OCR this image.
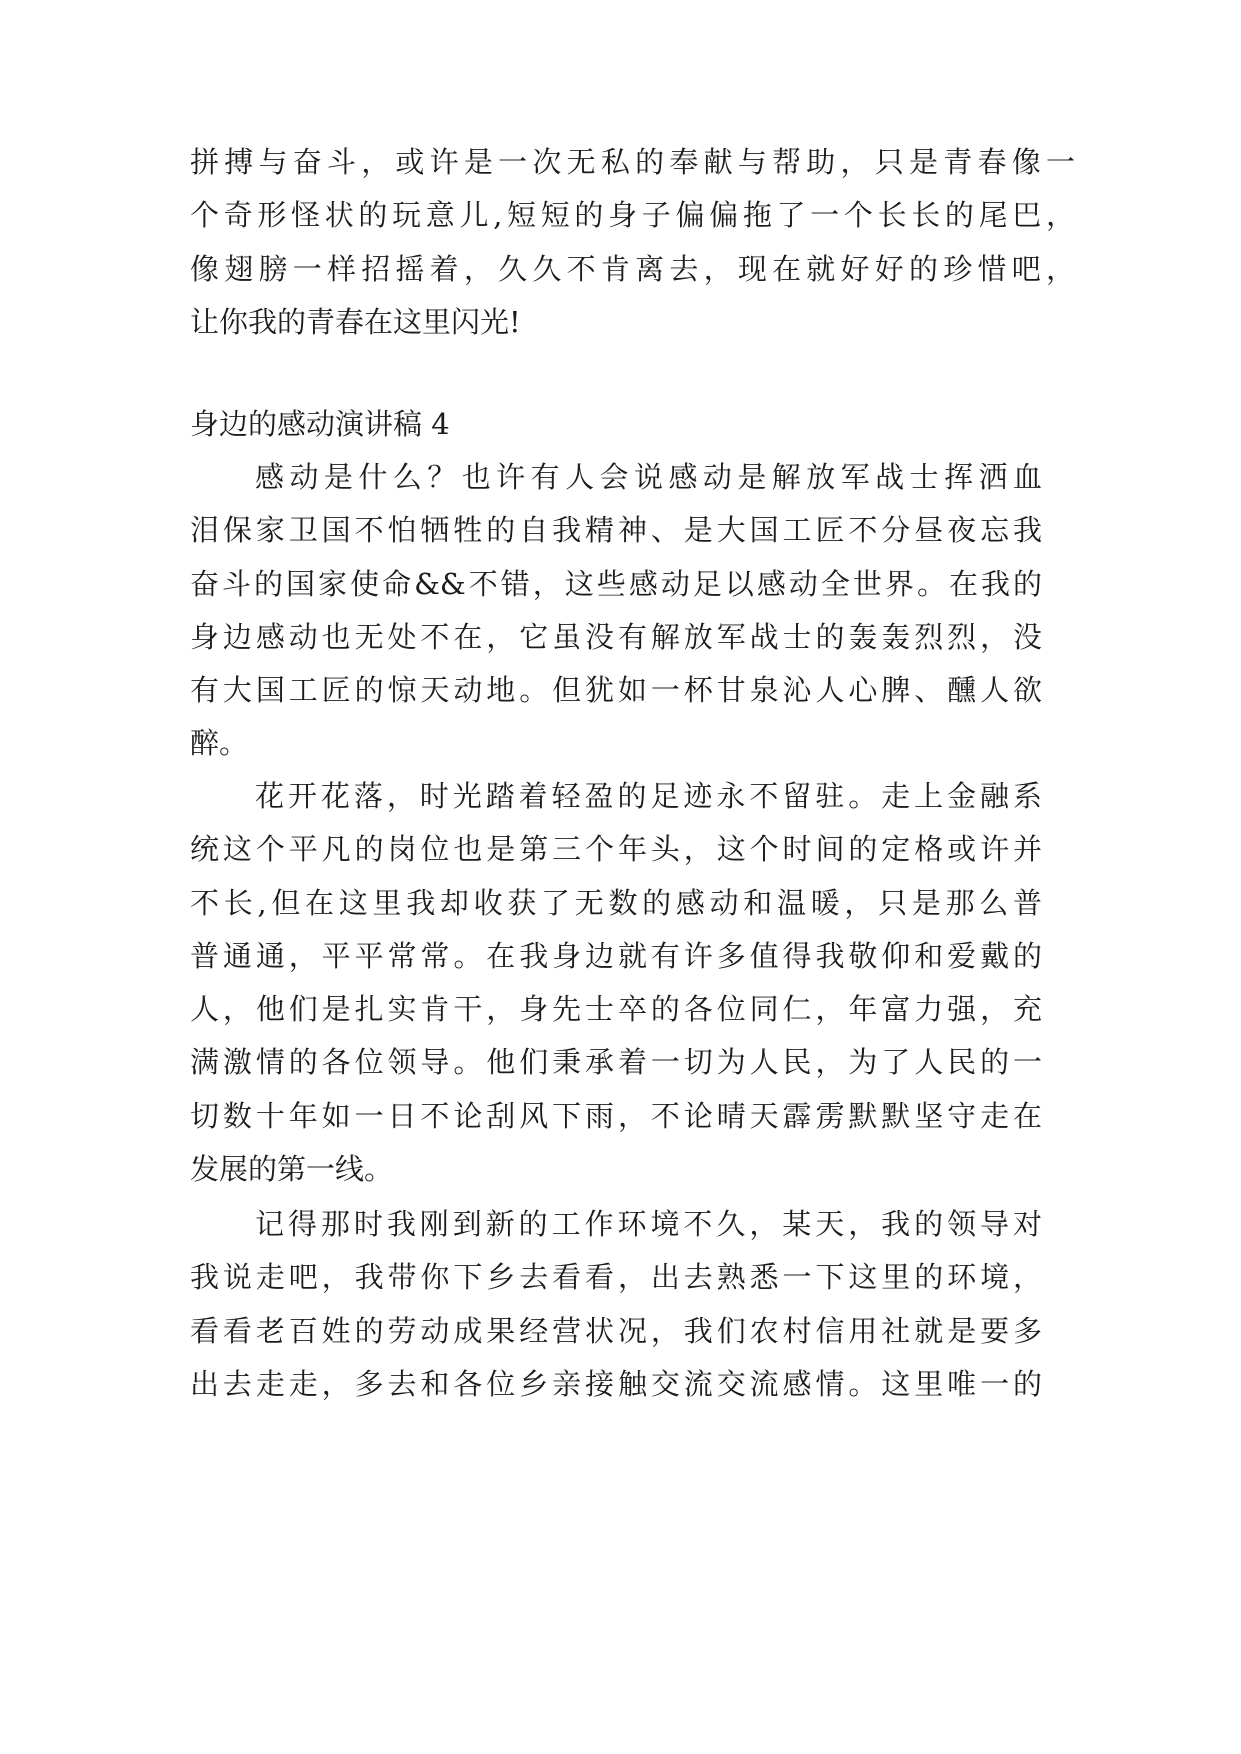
拼搏与奋斗，或许是一次无私的奉献与帮助，只是青春像一
个奇形怪状的玩意儿,短短的身子偏偏拖了一个长长的尾巴，
像翅膀一样招摇着，久久不肯离去，现在就好好的珍惜吧，
让你我的青春在这里闪光!
身边的感动演讲稿 4
感动是什么？也许有人会说感动是解放军战士挥洒血
泪保家卫国不怕牺牲的自我精神、是大国工匠不分昼夜忘我
奋斗的国家使命&&不错，这些感动足以感动全世界。在我的
身边感动也无处不在，它虽没有解放军战士的轰轰烈烈，没
有大国工匠的惊天动地。但犹如一杯甘泉沁人心脾、醺人欲
醉。
花开花落，时光踏着轻盈的足迹永不留驻。走上金融系
统这个平凡的岗位也是第三个年头，这个时间的定格或许并
不长,但在这里我却收获了无数的感动和温暖，只是那么普
普通通，平平常常。在我身边就有许多值得我敬仰和爱戴的
人，他们是扎实肯干，身先士卒的各位同仁，年富力强，充
满激情的各位领导。他们秉承着一切为人民，为了人民的一
切数十年如一日不论刮风下雨，不论晴天霹雳默默坚守走在
发展的第一线。
记得那时我刚到新的工作环境不久，某天，我的领导对
我说走吧，我带你下乡去看看，出去熟悉一下这里的环境，
看看老百姓的劳动成果经营状况，我们农村信用社就是要多
出去走走，多去和各位乡亲接触交流交流感情。这里唯一的
